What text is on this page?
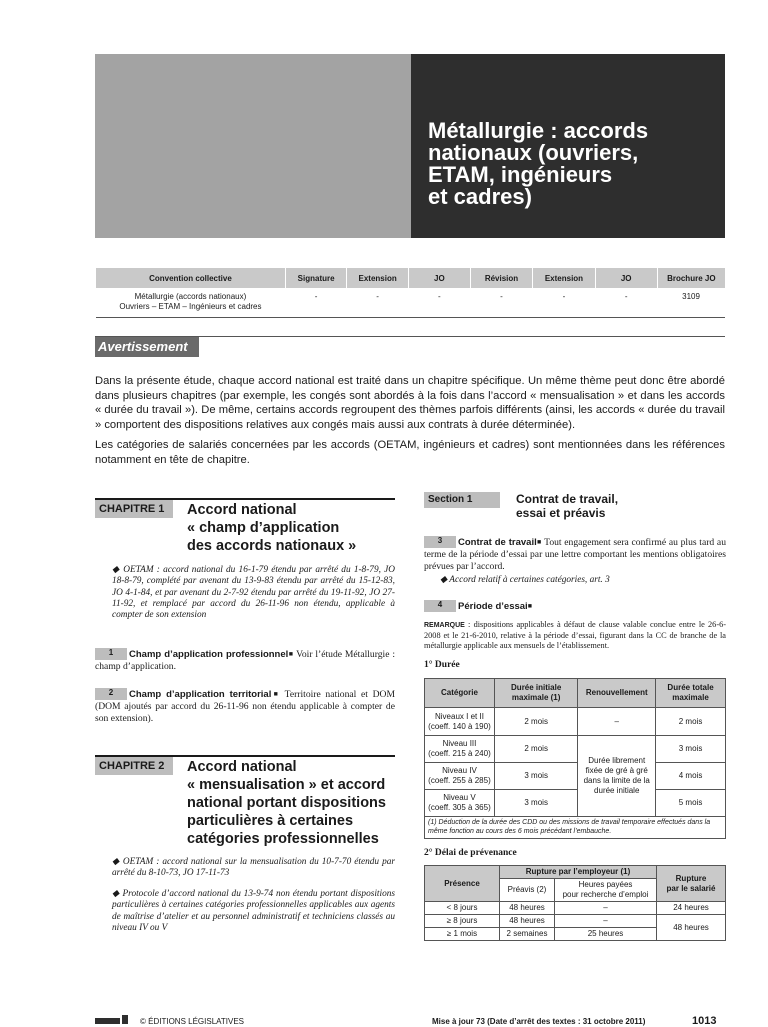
Métallurgie : accords
nationaux (ouvriers,
ETAM, ingénieurs
et cadres)
Convention collective	Signature	Extension	JO	Révision	Extension	JO	Brochure JO
Métallurgie (accords nationaux)
Ouvriers – ETAM – Ingénieurs et cadres	-	-	-	-	-	-	3109
Avertissement
Dans la présente étude, chaque accord national est traité dans un chapitre spécifique. Un même thème peut donc être abordé dans plusieurs chapitres (par exemple, les congés sont abordés à la fois dans l’accord « mensualisation » et dans les accords « durée du travail »). De même, certains accords regroupent des thèmes parfois différents (ainsi, les accords « durée du travail » comportent des dispositions relatives aux congés mais aussi aux contrats à durée déterminée).
Les catégories de salariés concernées par les accords (OETAM, ingénieurs et cadres) sont mentionnées dans les références notamment en tête de chapitre.
CHAPITRE 1	Accord national
« champ d’application
des accords nationaux »
◆ OETAM : accord national du 16-1-79 étendu par arrêté du 1-8-79, JO 18-8-79, complété par avenant du 13-9-83 étendu par arrêté du 15-12-83, JO 4-1-84, et par avenant du 2-7-92 étendu par arrêté du 19-11-92, JO 27-11-92, et remplacé par accord du 26-11-96 non étendu, applicable à compter de son extension
1 Champ d’application professionnel■ Voir l’étude Métallurgie : champ d’application.
2 Champ d’application territorial■ Territoire national et DOM (DOM ajoutés par accord du 26-11-96 non étendu applicable à compter de son extension).
CHAPITRE 2	Accord national
« mensualisation » et accord
national portant dispositions
particulières à certaines
catégories professionnelles
◆ OETAM : accord national sur la mensualisation du 10-7-70 étendu par arrêté du 8-10-73, JO 17-11-73
◆ Protocole d’accord national du 13-9-74 non étendu portant dispositions particulières à certaines catégories professionnelles applicables aux agents de maîtrise d’atelier et au personnel administratif et techniciens classés au niveau IV ou V
Section 1	Contrat de travail,
essai et préavis
3 Contrat de travail■ Tout engagement sera confirmé au plus tard au terme de la période d’essai par une lettre comportant les mentions obligatoires prévues par l’accord.
◆ Accord relatif à certaines catégories, art. 3
4 Période d’essai■
REMARQUE : dispositions applicables à défaut de clause valable conclue entre le 26-6-2008 et le 21-6-2010, relative à la période d’essai, figurant dans la CC de branche de la métallurgie applicable aux mensuels de l’établissement.
1° Durée
Catégorie	Durée initiale maximale (1)	Renouvellement	Durée totale maximale
Niveaux I et II
(coeff. 140 à 190)	2 mois	–	2 mois
Niveau III
(coeff. 215 à 240)	2 mois	Durée librement fixée de gré à gré dans la limite de la durée initiale	3 mois
Niveau IV
(coeff. 255 à 285)	3 mois		4 mois
Niveau V
(coeff. 305 à 365)	3 mois		5 mois
(1) Déduction de la durée des CDD ou des missions de travail temporaire effectués dans la même fonction au cours des 6 mois précédant l’embauche.			
2° Délai de prévenance
Présence	Rupture par l’employeur (1)		Rupture
par le salarié
	Préavis (2)	Heures payées
pour recherche d’emploi	
< 8 jours	48 heures	–	24 heures
≥ 8 jours	48 heures	–	48 heures
≥ 1 mois	2 semaines	25 heures	
© ÉDITIONS LÉGISLATIVES	Mise à jour 73 (Date d’arrêt des textes : 31 octobre 2011)	1013
